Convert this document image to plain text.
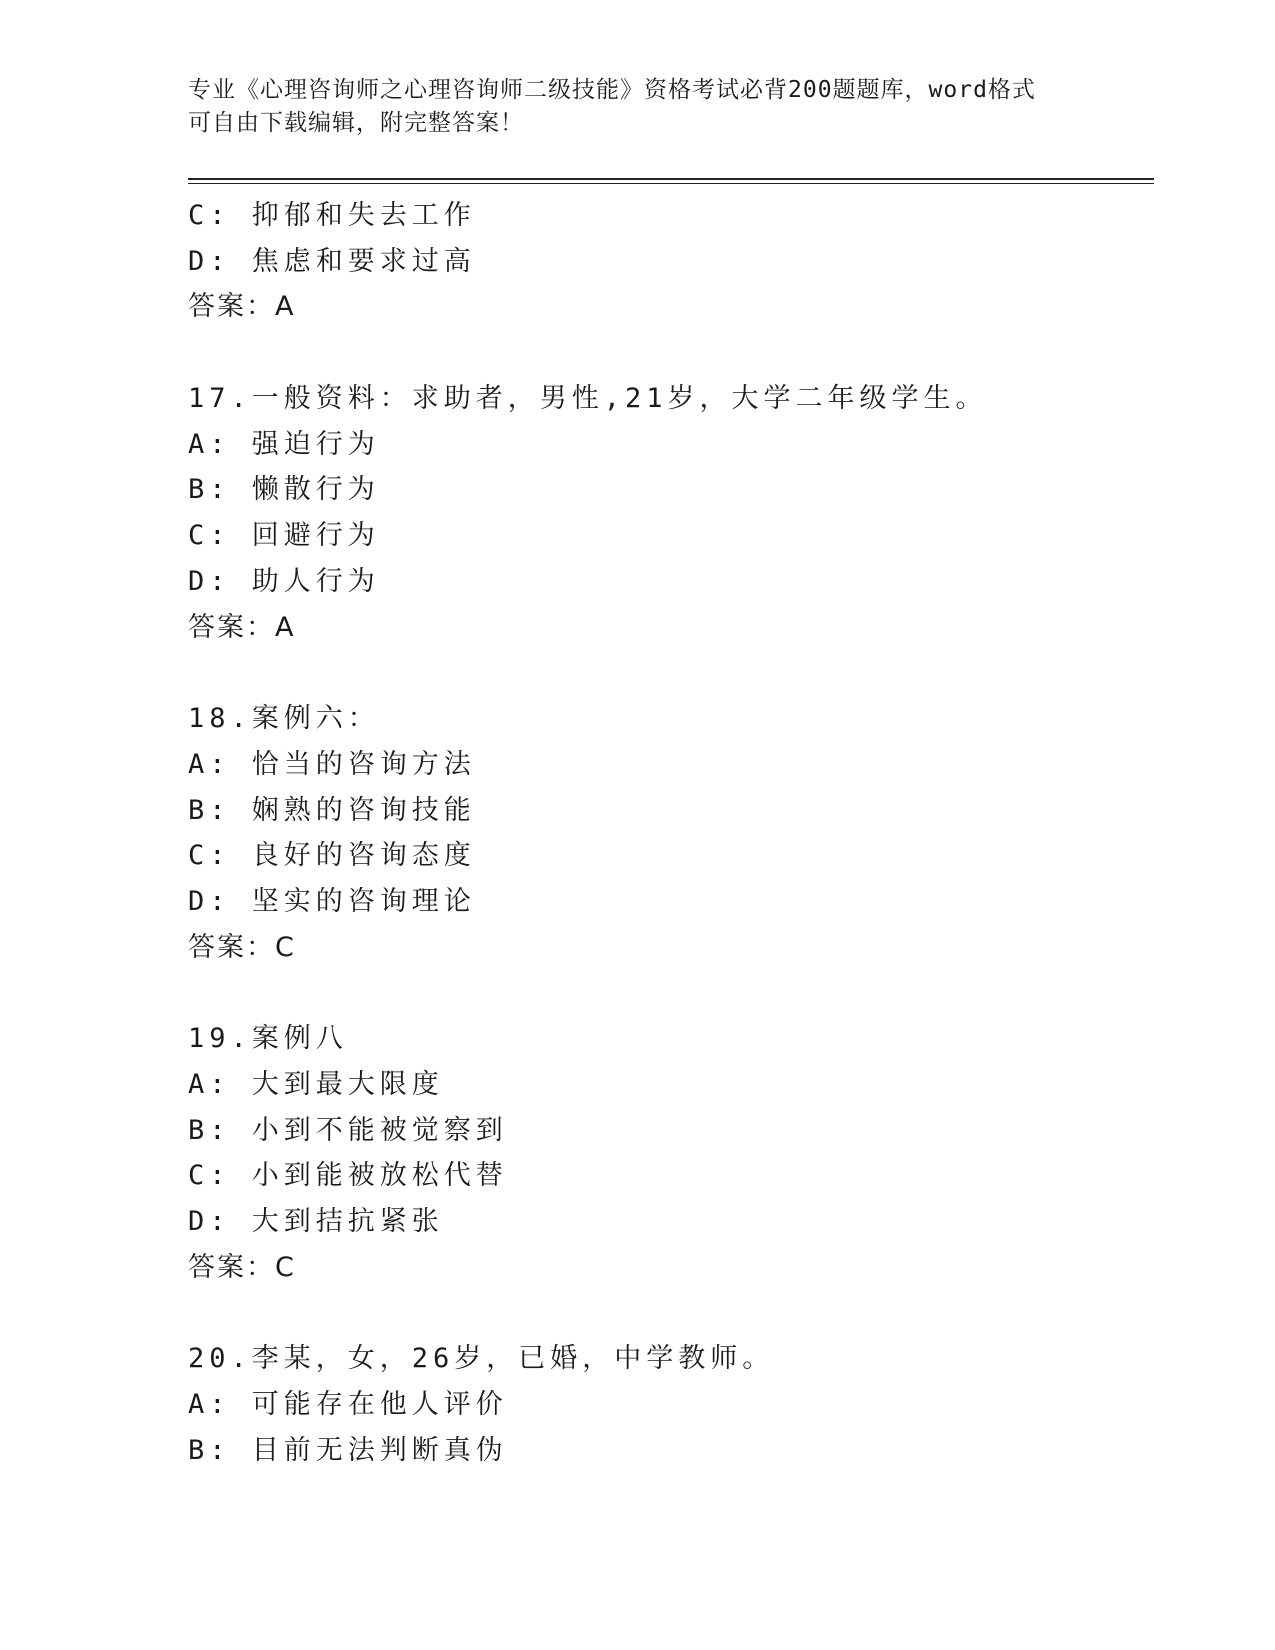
专业《心理咨询师之心理咨询师二级技能》资格考试必背200题题库，word格式
可自由下载编辑，附完整答案！
C: 抑郁和失去工作
D: 焦虑和要求过高
答案：A
17.一般资料：求助者，男性,21岁，大学二年级学生。
A: 强迫行为
B: 懒散行为
C: 回避行为
D: 助人行为
答案：A
18.案例六：
A: 恰当的咨询方法
B: 娴熟的咨询技能
C: 良好的咨询态度
D: 坚实的咨询理论
答案：C
19.案例八
A: 大到最大限度
B: 小到不能被觉察到
C: 小到能被放松代替
D: 大到拮抗紧张
答案：C
20.李某，女，26岁，已婚，中学教师。
A: 可能存在他人评价
B: 目前无法判断真伪
